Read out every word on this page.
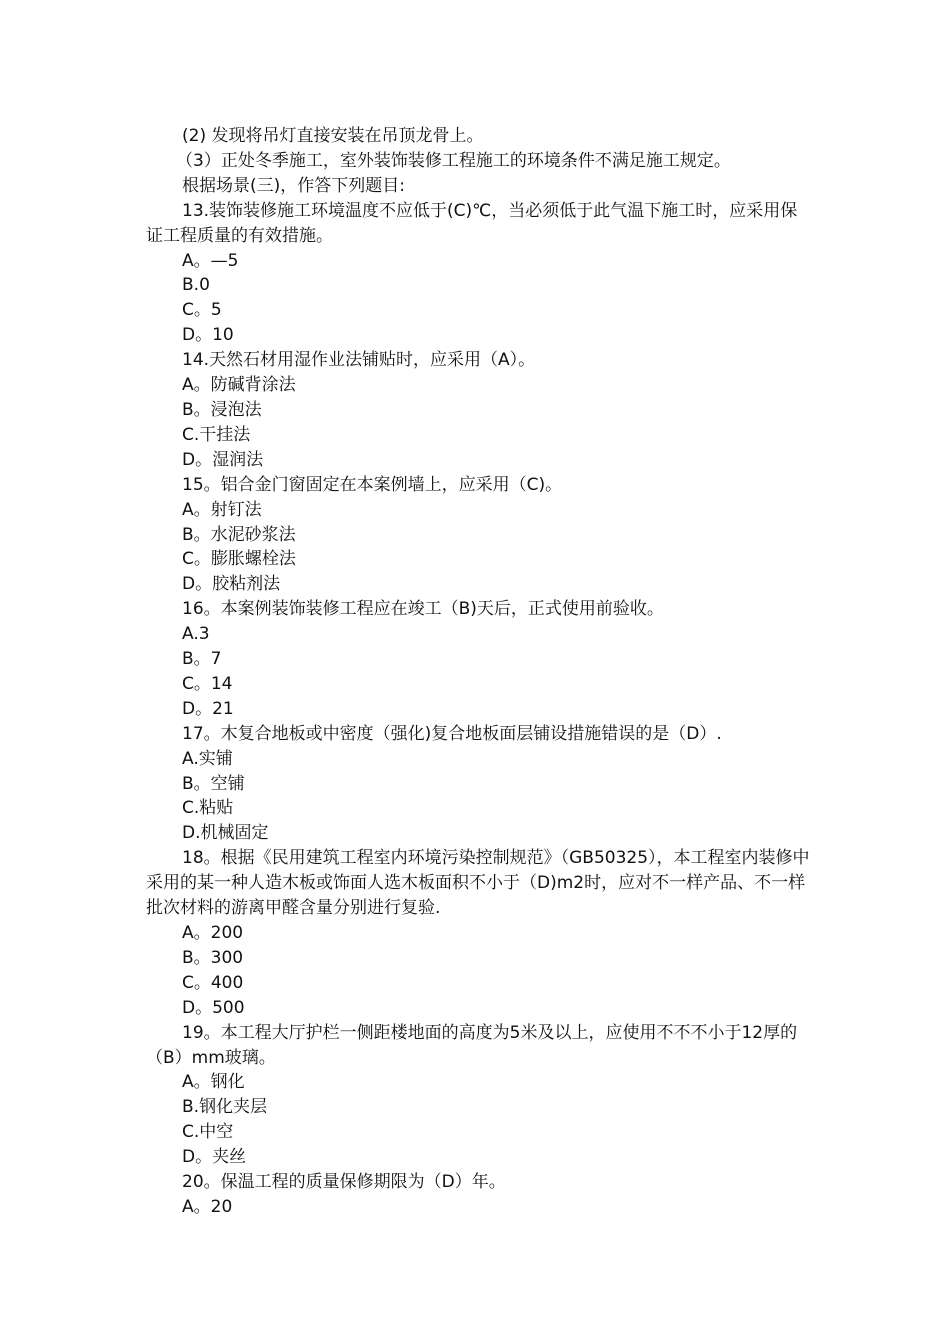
(2) 发现将吊灯直接安装在吊顶龙骨上。
（3）正处冬季施工，室外装饰装修工程施工的环境条件不满足施工规定。
根据场景(三)，作答下列题目:
13.装饰装修施工环境温度不应低于(C)℃，当必须低于此气温下施工时，应采用保证工程质量的有效措施。
A。—5
B.0
C。5
D。10
14.天然石材用湿作业法铺贴时，应采用（A）。
A。防碱背涂法
B。浸泡法
C.干挂法
D。湿润法
15。铝合金门窗固定在本案例墙上，应采用（C)。
A。射钉法
B。水泥砂浆法
C。膨胀螺栓法
D。胶粘剂法
16。本案例装饰装修工程应在竣工（B)天后，正式使用前验收。
A.3
B。7
C。14
D。21
17。木复合地板或中密度（强化)复合地板面层铺设措施错误的是（D）.
A.实铺
B。空铺
C.粘贴
D.机械固定
18。根据《民用建筑工程室内环境污染控制规范》（GB50325），本工程室内装修中采用的某一种人造木板或饰面人选木板面积不小于（D)m2时，应对不一样产品、不一样批次材料的游离甲醛含量分别进行复验.
A。200
B。300
C。400
D。500
19。本工程大厅护栏一侧距楼地面的高度为5米及以上，应使用不不不小于12厚的（B）mm玻璃。
A。钢化
B.钢化夹层
C.中空
D。夹丝
20。保温工程的质量保修期限为（D）年。
A。20
